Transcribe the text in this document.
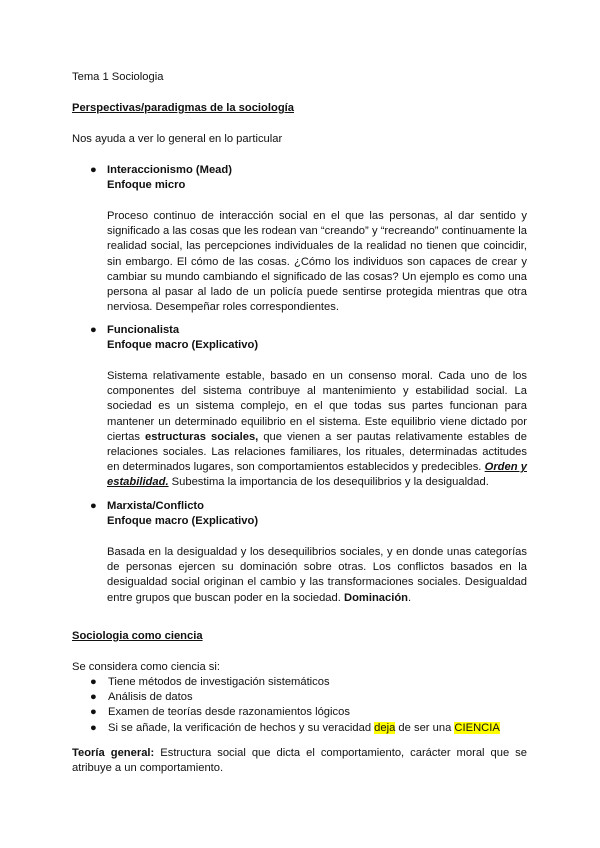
Tema 1 Sociologia
Perspectivas/paradigmas de la sociología
Nos ayuda a ver lo general en lo particular
● Interaccionismo (Mead)
Enfoque micro
Proceso continuo de interacción social en el que las personas, al dar sentido y significado a las cosas que les rodean van “creando” y “recreando” continuamente la realidad social, las percepciones individuales de la realidad no tienen que coincidir, sin embargo. El cómo de las cosas. ¿Cómo los individuos son capaces de crear y cambiar su mundo cambiando el significado de las cosas? Un ejemplo es como una persona al pasar al lado de un policía puede sentirse protegida mientras que otra nerviosa. Desempeñar roles correspondientes.
● Funcionalista
Enfoque macro (Explicativo)
Sistema relativamente estable, basado en un consenso moral. Cada uno de los componentes del sistema contribuye al mantenimiento y estabilidad social. La sociedad es un sistema complejo, en el que todas sus partes funcionan para mantener un determinado equilibrio en el sistema. Este equilibrio viene dictado por ciertas estructuras sociales, que vienen a ser pautas relativamente estables de relaciones sociales. Las relaciones familiares, los rituales, determinadas actitudes en determinados lugares, son comportamientos establecidos y predecibles. Orden y estabilidad. Subestima la importancia de los desequilibrios y la desigualdad.
● Marxista/Conflicto
Enfoque macro (Explicativo)
Basada en la desigualdad y los desequilibrios sociales, y en donde unas categorías de personas ejercen su dominación sobre otras. Los conflictos basados en la desigualdad social originan el cambio y las transformaciones sociales. Desigualdad entre grupos que buscan poder en la sociedad. Dominación.
Sociologia como ciencia
Se considera como ciencia si:
● Tiene métodos de investigación sistemáticos
● Análisis de datos
● Examen de teorías desde razonamientos lógicos
● Si se añade, la verificación de hechos y su veracidad deja de ser una CIENCIA
Teoría general: Estructura social que dicta el comportamiento, carácter moral que se atribuye a un comportamiento.
